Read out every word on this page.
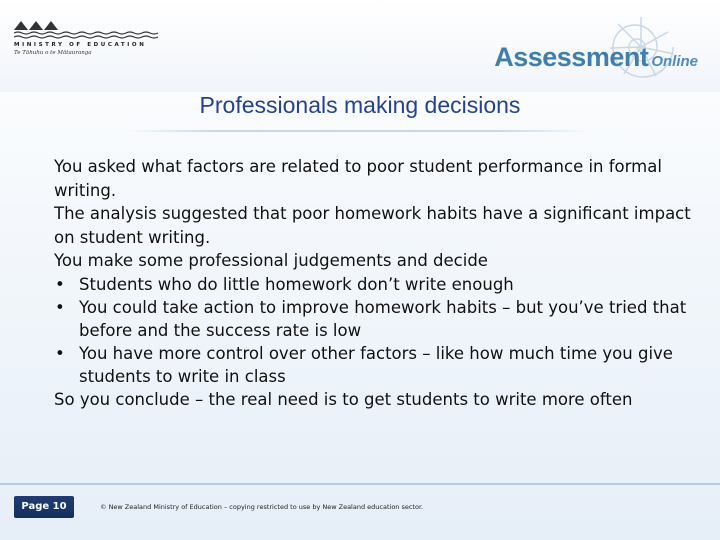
MINISTRY OF EDUCATION
Te Tāhuhu o te Mātauranga	Assessment Online
Professionals making decisions
You asked what factors are related to poor student performance in formal writing.
The analysis suggested that poor homework habits have a significant impact on student writing.
You make some professional judgements and decide
• Students who do little homework don’t write enough
• You could take action to improve homework habits – but you’ve tried that before and the success rate is low
• You have more control over other factors – like how much time you give students to write in class
So you conclude – the real need is to get students to write more often
Page 10	© New Zealand Ministry of Education – copying restricted to use by New Zealand education sector.
